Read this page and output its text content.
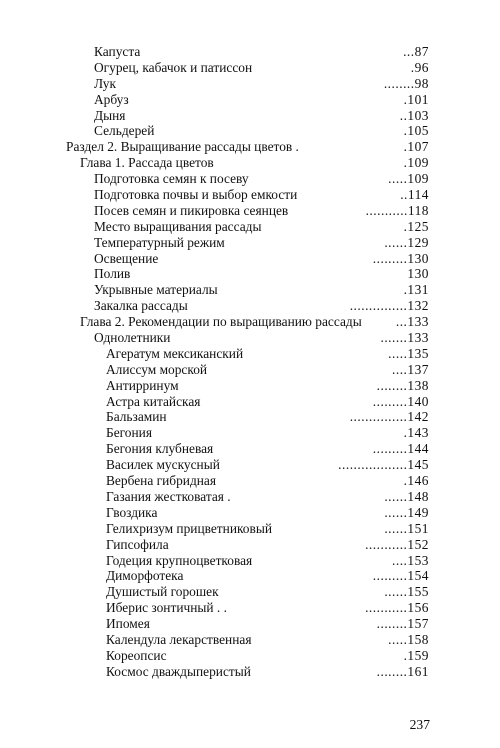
Капуста	...87
Огурец, кабачок и патиссон	.96
Лук	........98
Арбуз	.101
Дыня	..103
Сельдерей	.105
Раздел 2. Выращивание рассады цветов .	.107
Глава 1. Рассада цветов	.109
Подготовка семян к посеву	.....109
Подготовка почвы и выбор емкости	..114
Посев семян и пикировка сеянцев	...........118
Место выращивания рассады	.125
Температурный режим	......129
Освещение	.........130
Полив	130
Укрывные материалы	.131
Закалка рассады	...............132
Глава 2. Рекомендации по выращиванию рассады	...133
Однолетники	.......133
Агератум мексиканский	.....135
Алиссум морской	....137
Антирринум	........138
Астра китайская	.........140
Бальзамин	...............142
Бегония	.143
Бегония клубневая	.........144
Василек мускусный	..................145
Вербена гибридная	.146
Газания жестковатая .	......148
Гвоздика	......149
Гелихризум прицветниковый	......151
Гипсофила	...........152
Годеция крупноцветковая	....153
Диморфотека	.........154
Душистый горошек	......155
Иберис зонтичный . .	...........156
Ипомея	........157
Календула лекарственная	.....158
Кореопсис	.159
Космос дваждыперистый	........161
237
